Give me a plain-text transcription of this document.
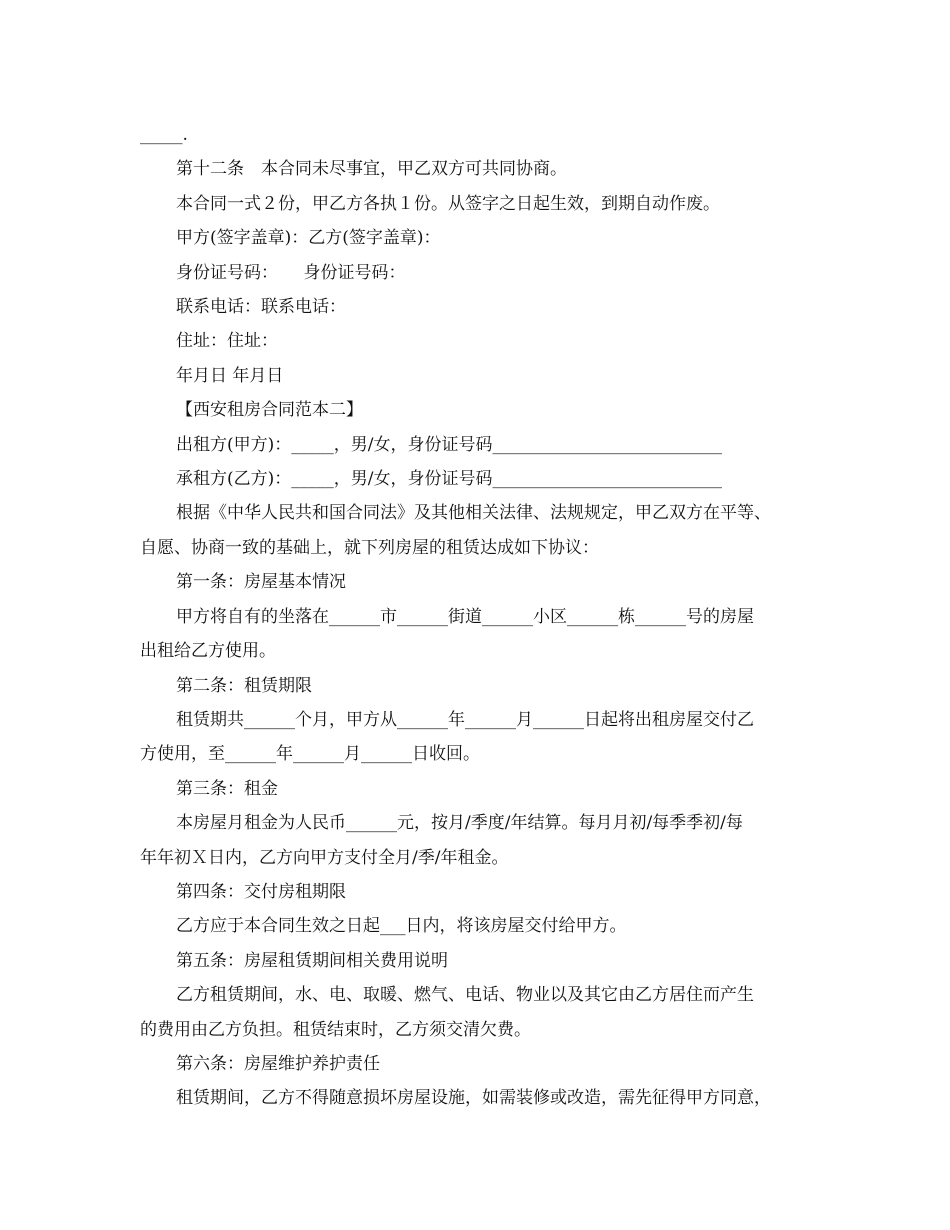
_____.

第十二条　本合同未尽事宜，甲乙双方可共同协商。

本合同一式２份，甲乙方各执１份。从签字之日起生效，到期自动作废。

甲方(签字盖章)：乙方(签字盖章)：

身份证号码：　　身份证号码：

联系电话：联系电话：

住址：住址：

年月日 年月日

【西安租房合同范本二】

出租方(甲方)：_____，男/女，身份证号码___________________________

承租方(乙方)：_____，男/女，身份证号码___________________________

根据《中华人民共和国合同法》及其他相关法律、法规规定，甲乙双方在平等、

自愿、协商一致的基础上，就下列房屋的租赁达成如下协议：

第一条：房屋基本情况

甲方将自有的坐落在______市______街道______小区______栋______号的房屋

出租给乙方使用。

第二条：租赁期限

租赁期共______个月，甲方从______年______月______日起将出租房屋交付乙

方使用，至______年______月______日收回。

第三条：租金

本房屋月租金为人民币______元，按月/季度/年结算。每月月初/每季季初/每

年年初Ｘ日内，乙方向甲方支付全月/季/年租金。

第四条：交付房租期限

乙方应于本合同生效之日起___日内，将该房屋交付给甲方。

第五条：房屋租赁期间相关费用说明

乙方租赁期间，水、电、取暖、燃气、电话、物业以及其它由乙方居住而产生

的费用由乙方负担。租赁结束时，乙方须交清欠费。

第六条：房屋维护养护责任

租赁期间，乙方不得随意损坏房屋设施，如需装修或改造，需先征得甲方同意，
